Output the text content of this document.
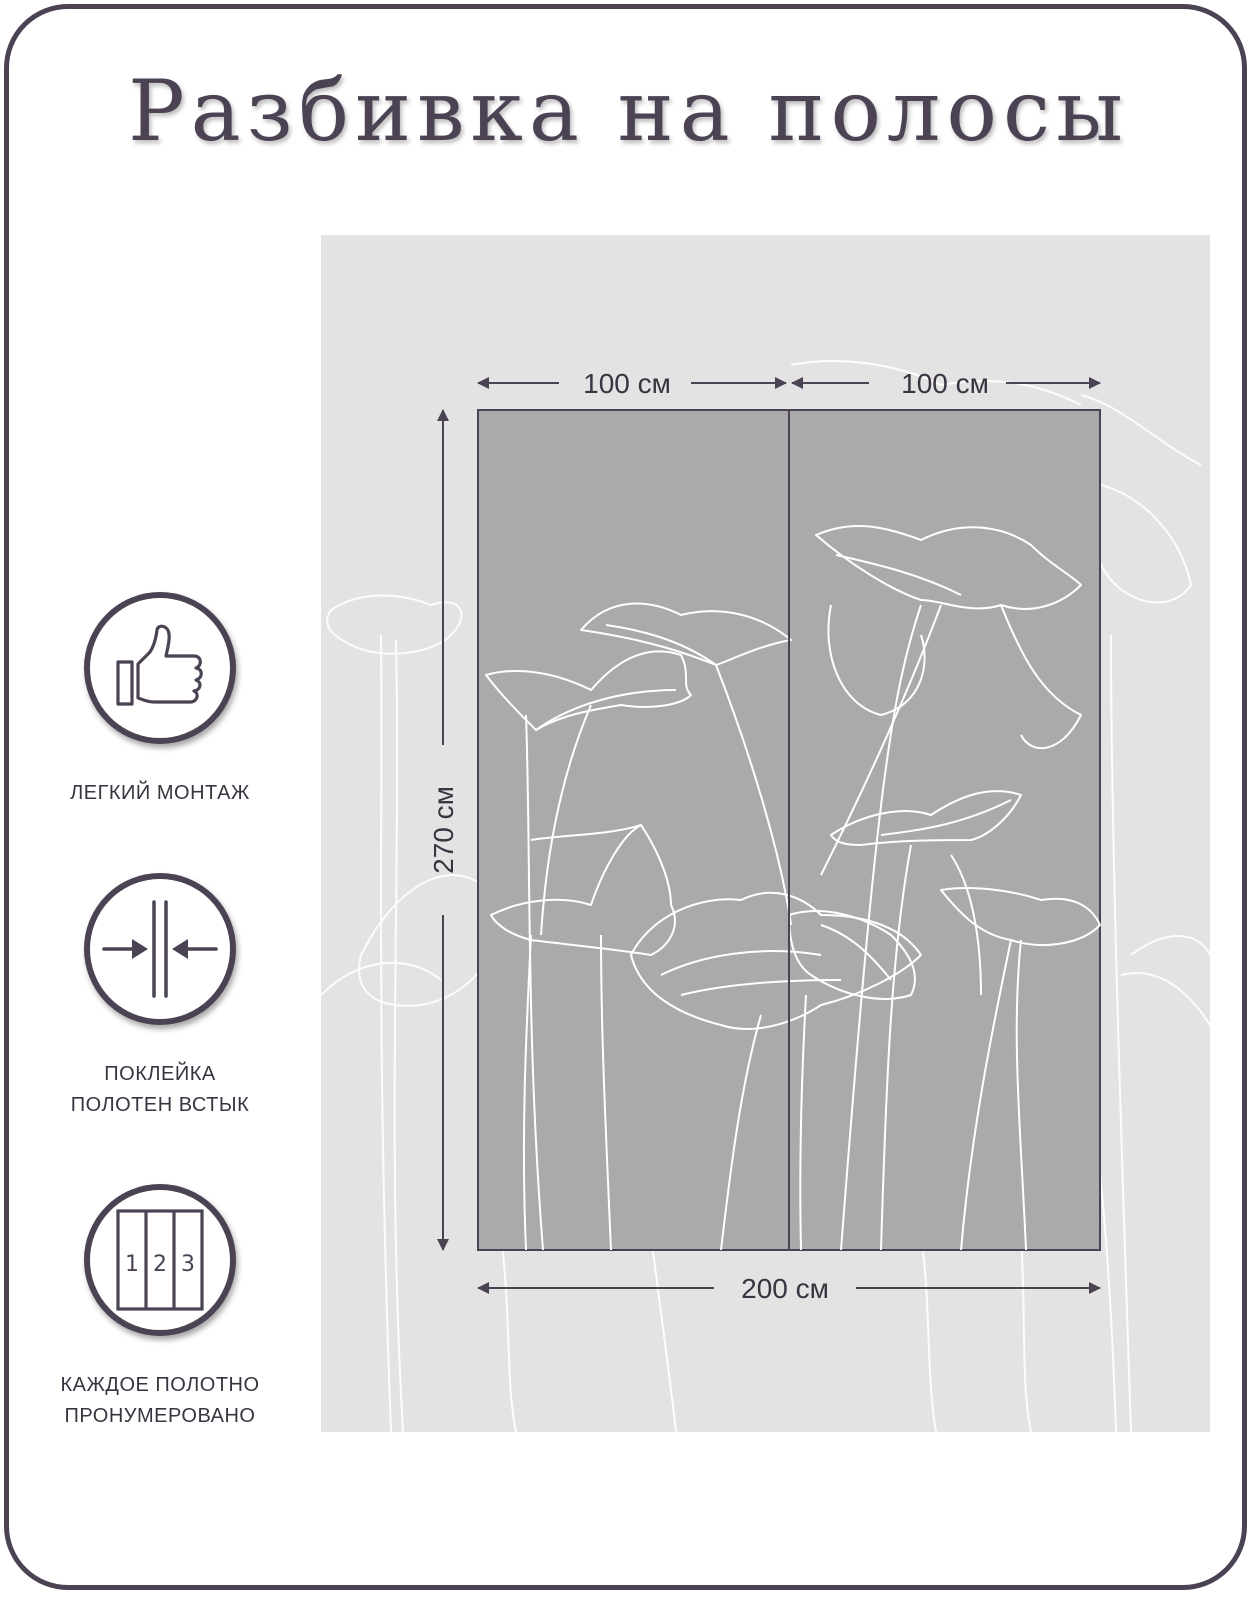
Разбивка на полосы
ЛЕГКИЙ МОНТАЖ
ПОКЛЕЙКА
ПОЛОТЕН ВСТЫК
1 2 3
КАЖДОЕ ПОЛОТНО
ПРОНУМЕРОВАНО
100 см	100 см
270 см
200 см
